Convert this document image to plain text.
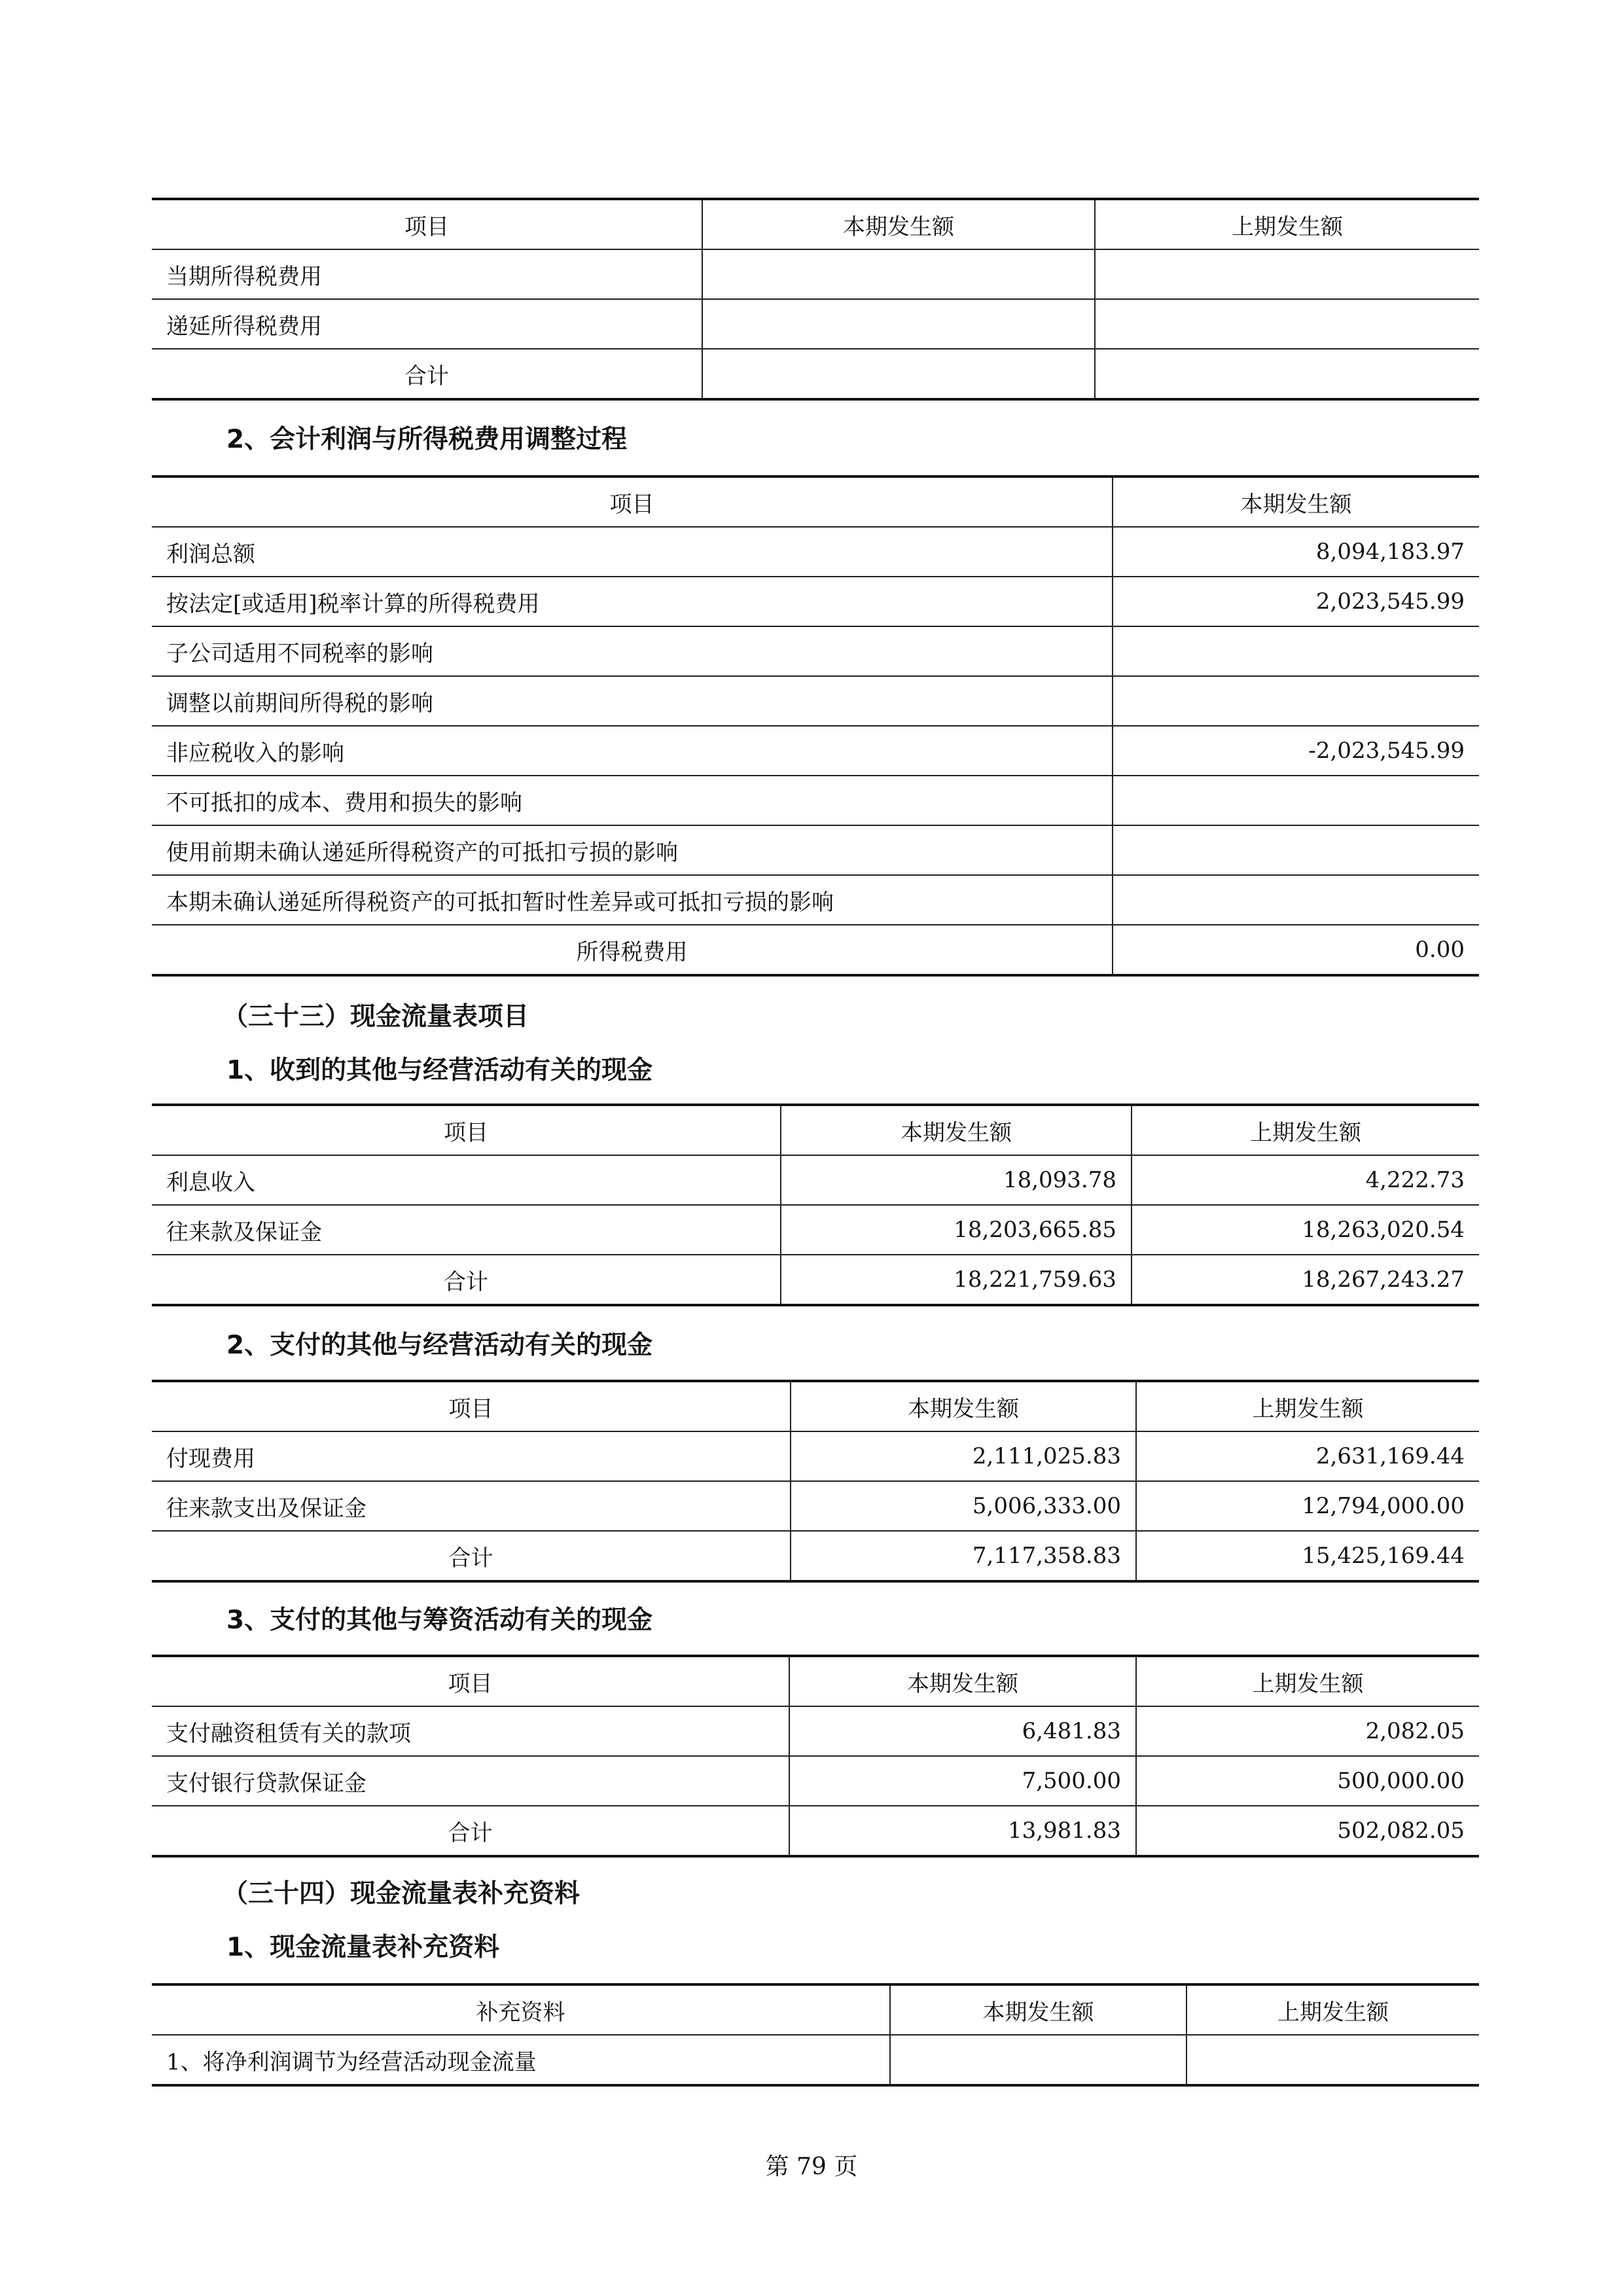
项目	本期发生额	上期发生额
当期所得税费用		
递延所得税费用		
合计		
2、会计利润与所得税费用调整过程
项目	本期发生额
利润总额	8,094,183.97
按法定[或适用]税率计算的所得税费用	2,023,545.99
子公司适用不同税率的影响	
调整以前期间所得税的影响	
非应税收入的影响	-2,023,545.99
不可抵扣的成本、费用和损失的影响	
使用前期未确认递延所得税资产的可抵扣亏损的影响	
本期未确认递延所得税资产的可抵扣暂时性差异或可抵扣亏损的影响	
所得税费用	0.00
（三十三）现金流量表项目
1、收到的其他与经营活动有关的现金
项目	本期发生额	上期发生额
利息收入	18,093.78	4,222.73
往来款及保证金	18,203,665.85	18,263,020.54
合计	18,221,759.63	18,267,243.27
2、支付的其他与经营活动有关的现金
项目	本期发生额	上期发生额
付现费用	2,111,025.83	2,631,169.44
往来款支出及保证金	5,006,333.00	12,794,000.00
合计	7,117,358.83	15,425,169.44
3、支付的其他与筹资活动有关的现金
项目	本期发生额	上期发生额
支付融资租赁有关的款项	6,481.83	2,082.05
支付银行贷款保证金	7,500.00	500,000.00
合计	13,981.83	502,082.05
（三十四）现金流量表补充资料
1、现金流量表补充资料
补充资料	本期发生额	上期发生额
1、将净利润调节为经营活动现金流量		
第 79 页
